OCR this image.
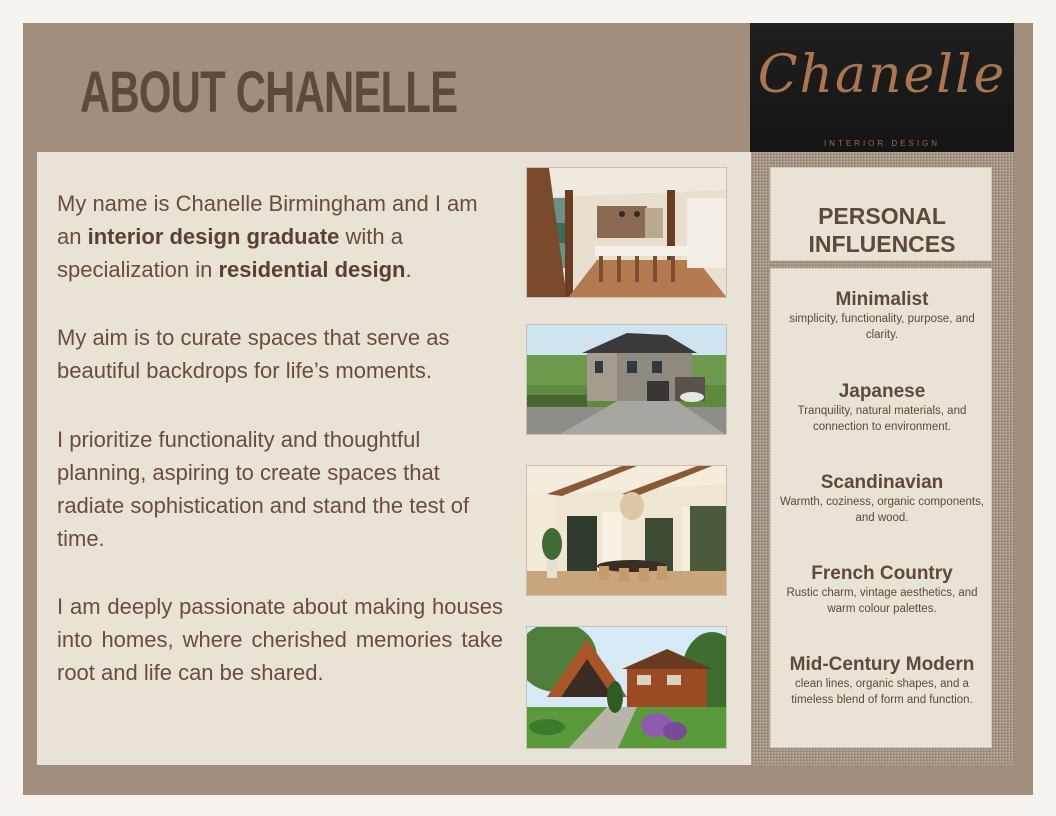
ABOUT CHANELLE	Chanelle
INTERIOR DESIGN

My name is Chanelle Birmingham and I am an interior design graduate with a specialization in residential design.

My aim is to curate spaces that serve as beautiful backdrops for life’s moments.

I prioritize functionality and thoughtful planning, aspiring to create spaces that radiate sophistication and stand the test of time.

I am deeply passionate about making houses into homes, where cherished memories take root and life can be shared.

PERSONAL INFLUENCES
Minimalist
simplicity, functionality, purpose, and clarity.
Japanese
Tranquility, natural materials, and connection to environment.
Scandinavian
Warmth, coziness, organic components, and wood.
French Country
Rustic charm, vintage aesthetics, and warm colour palettes.
Mid-Century Modern
clean lines, organic shapes, and a timeless blend of form and function.
